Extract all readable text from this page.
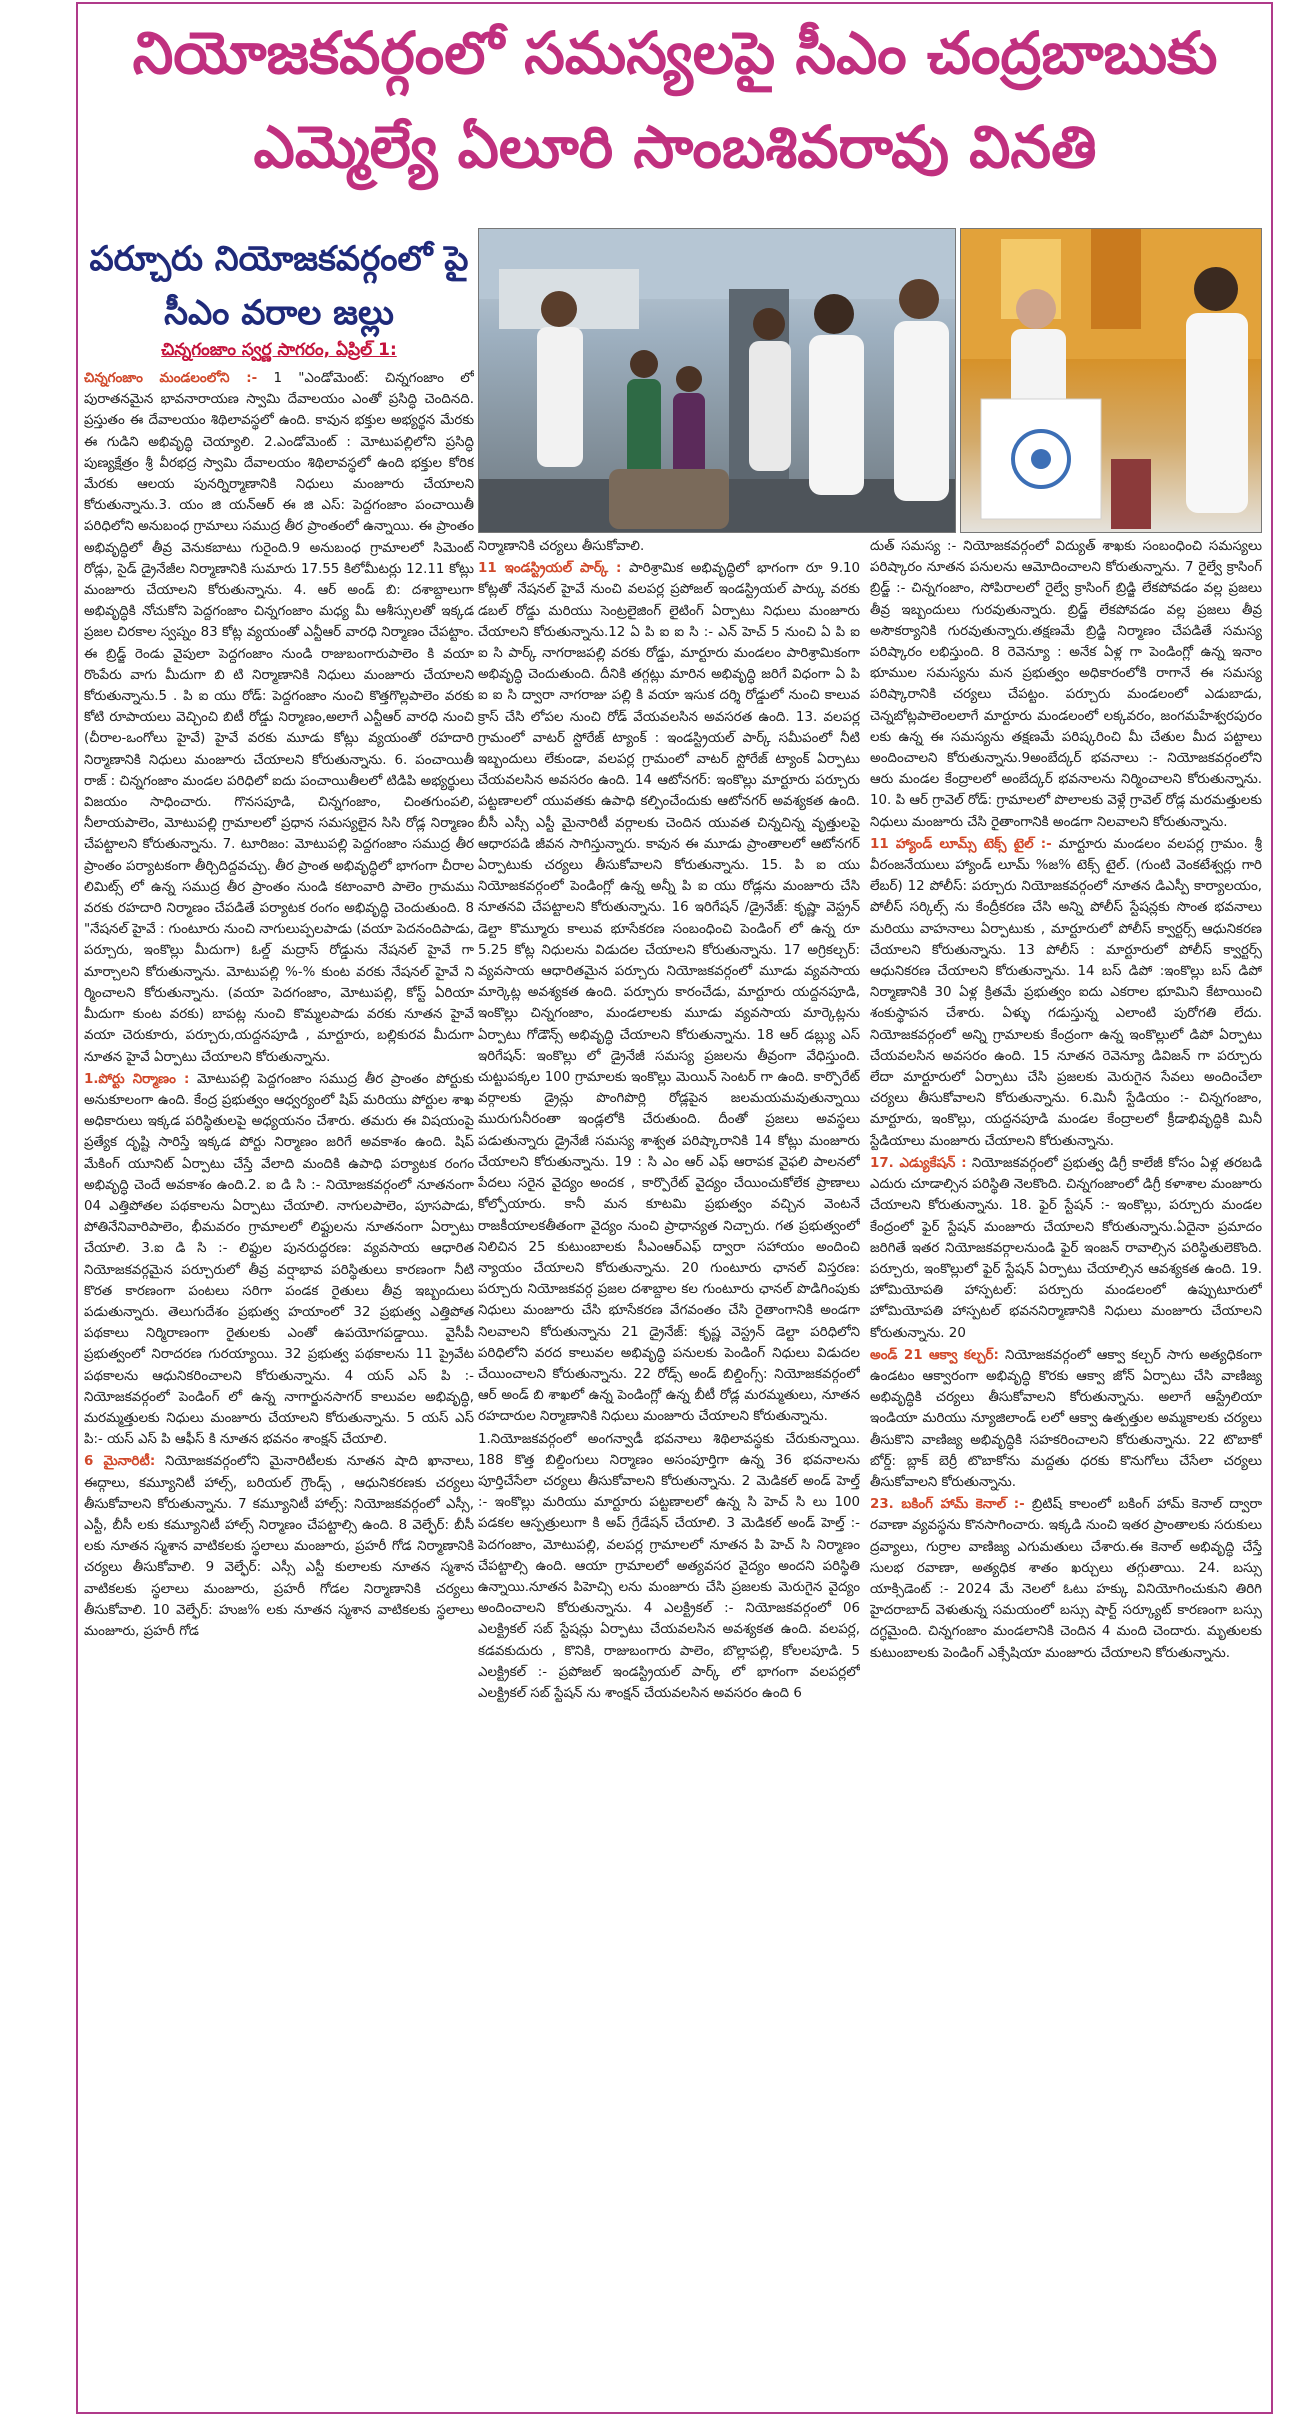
నియోజకవర్గంలో సమస్యలపై సీఎం చంద్రబాబుకు
ఎమ్మెల్యే ఏలూరి సాంబశివరావు వినతి
పర్చూరు నియోజకవర్గంలో పై
సీఎం వరాల జల్లు
చిన్నగంజాం స్వర్ణ సాగరం, ఏప్రిల్ 1:

చిన్నగంజాం మండలంలోని :- 1 "ఎండోమెంట్: చిన్నగంజాం లో పురాతనమైన భావనారాయణ స్వామి దేవాలయం ఎంతో ప్రసిద్ధి చెందినది. ప్రస్తుతం ఈ దేవాలయం శిథిలావస్థలో ఉంది. కావున భక్తుల అభ్యర్థన మేరకు ఈ గుడిని అభివృద్ధి చెయ్యాలి. 2.ఎండోమెంట్ : మోటుపల్లిలోని ప్రసిద్ధి పుణ్యక్షేత్రం శ్రీ వీరభద్ర స్వామి దేవాలయం శిథిలావస్థలో ఉంది భక్తుల కోరిక మేరకు ఆలయ పునర్నిర్మాణానికి నిధులు మంజూరు చేయాలని కోరుతున్నాను.3. యం జి యన్ఆర్ ఈ జి ఎస్: పెద్దగంజాం పంచాయితీ పరిధిలోని అనుబంధ గ్రామాలు సముద్ర తీర ప్రాంతంలో ఉన్నాయి. ఈ ప్రాంతం అభివృద్ధిలో తీవ్ర వెనుకబాటు గురైంది.9 అనుబంధ గ్రామాలలో సిమెంట్ రోడ్లు, సైడ్ డ్రైనేజీల నిర్మాణానికి సుమారు 17.55 కిలోమీటర్లు 12.11 కోట్లు మంజూరు చేయాలని కోరుతున్నాను. 4. ఆర్ అండ్ బి: దశాబ్దాలుగా అభివృద్ధికి నోచుకోని పెద్దగంజాం చిన్నగంజాం మధ్య మీ ఆశీస్సులతో ఇక్కడ ప్రజల చిరకాల స్వప్నం 83 కోట్ల వ్యయంతో ఎన్టీఆర్ వారధి నిర్మాణం చేపట్టాం. ఈ బ్రిడ్జ్ రెండు వైపులా పెద్దగంజాం నుండి రాజుబంగారుపాలెం కి వయా రొంపేరు వాగు మీదుగా బి టి నిర్మాణానికి నిధులు మంజూరు చేయాలని కోరుతున్నాను.5 . పి ఐ యు రోడ్: పెద్దగంజాం నుంచి కొత్తగొల్లపాలెం వరకు కోటి రూపాయలు వెచ్చించి బిటీ రోడ్డు నిర్మాణం,అలాగే ఎన్టీఆర్ వారధి నుంచి (చీరాల-ఒంగోలు హైవే) హైవే వరకు మూడు కోట్లు వ్యయంతో రహదారి నిర్మాణానికి నిధులు మంజూరు చేయాలని కోరుతున్నాను. 6. పంచాయితీ రాజ్ : చిన్నగంజాం మండల పరిధిలో ఐదు పంచాయితీలలో టిడిపి అభ్యర్థులు విజయం సాధించారు. గొనసపూడి, చిన్నగంజాం, చింతగుంపలి, నీలాయపాలెం, మోటుపల్లి గ్రామాలలో ప్రధాన సమస్యలైన సిసి రోడ్ల నిర్మాణం చేపట్టాలని కోరుతున్నాను. 7. టూరిజం: మోటుపల్లి పెద్దగంజాం సముద్ర తీర ప్రాంతం పర్యాటకంగా తీర్చిదిద్దవచ్చు. తీర ప్రాంత అభివృద్ధిలో భాగంగా చీరాల లిమిట్స్ లో ఉన్న సముద్ర తీర ప్రాంతం నుండి కటాంవారి పాలెం గ్రామము వరకు రహదారి నిర్మాణం చేపడితే పర్యాటక రంగం అభివృద్ధి చెందుతుంది. 8 "నేషనల్ హైవే : గుంటూరు నుంచి నాగులుప్పలపాడు (వయా పెదనందిపాడు, పర్చూరు, ఇంకొల్లు మీదుగా) ఓల్డ్ మద్రాస్ రోడ్డును నేషనల్ హైవే గా మార్చాలని కోరుతున్నాను. మోటుపల్లి %-% కుంట వరకు నేషనల్ హైవే ని ర్మించాలని కోరుతున్నాను. (వయా పెదగంజాం, మోటుపల్లి, కోస్ట్ ఏరియా మీదుగా కుంట వరకు) బాపట్ల నుంచి కొమ్మలపాడు వరకు నూతన హైవే వయా చెరుకూరు, పర్చూరు,యద్దనపూడి , మార్టూరు, బల్లికురవ మీదుగా నూతన హైవే ఏర్పాటు చేయాలని కోరుతున్నాను.

1.పోర్టు నిర్మాణం : మోటుపల్లి పెద్దగంజాం సముద్ర తీర ప్రాంతం పోర్టుకు అనుకూలంగా ఉంది. కేంద్ర ప్రభుత్వం ఆధ్వర్యంలో షిప్ మరియు పోర్టుల శాఖ అధికారులు ఇక్కడ పరిస్థితులపై అధ్యయనం చేశారు. తమరు ఈ విషయంపై ప్రత్యేక దృష్టి సారిస్తే ఇక్కడ పోర్టు నిర్మాణం జరిగే అవకాశం ఉంది. షిప్ మేకింగ్ యూనిట్ ఏర్పాటు చేస్తే వేలాది మందికి ఉపాధి పర్యాటక రంగం అభివృద్ధి చెందే అవకాశం ఉంది.2. ఐ డి సి :- నియోజకవర్గంలో నూతనంగా 04 ఎత్తిపోతల పథకాలను ఏర్పాటు చేయాలి. నాగులపాలెం, పూసపాడు, పోతినేనివారిపాలెం, భీమవరం గ్రామాలలో లిఫ్టులను నూతనంగా ఏర్పాటు చేయాలి. 3.ఐ డి సి :- లిఫ్టుల పునరుద్ధరణ: వ్యవసాయ ఆధారిత నియోజకవర్గమైన పర్చూరులో తీవ్ర వర్షాభావ పరిస్థితులు కారణంగా నీటి కొరత కారణంగా పంటలు సరిగా పండక రైతులు తీవ్ర ఇబ్బందులు పడుతున్నారు. తెలుగుదేశం ప్రభుత్వ హయాంలో 32 ప్రభుత్వ ఎత్తిపోత పథకాలు నిర్మిరాణంగా రైతులకు ఎంతో ఉపయోగపడ్డాయి. వైసీపీ ప్రభుత్వంలో నిరాదరణ గురయ్యాయి. 32 ప్రభుత్వ పథకాలను 11 ప్రైవేట పథకాలను ఆధునికరించాలని కోరుతున్నాను. 4 యస్ ఎస్ పి :- నియోజకవర్గంలో పెండింగ్ లో ఉన్న నాగార్జునసాగర్ కాలువల అభివృద్ధి, మరమ్మత్తులకు నిధులు మంజూరు చేయాలని కోరుతున్నాను. 5 యస్ ఎస్ పి:- యస్ ఎస్ పి ఆఫీస్ కి నూతన భవనం శాంక్షన్ చేయాలి.

6 మైనారిటీ: నియోజకవర్గంలోని మైనారిటీలకు నూతన షాది ఖానాలు, ఈద్గాలు, కమ్యూనిటీ హాల్స్, బరియల్ గ్రౌండ్స్ , ఆధునికరణకు చర్యలు తీసుకోవాలని కోరుతున్నాను. 7 కమ్యూనిటీ హాల్స్: నియోజకవర్గంలో ఎస్సీ, ఎస్టీ, బీసీ లకు కమ్యూనిటీ హాల్స్ నిర్మాణం చేపట్టాల్సి ఉంది. 8 వెల్ఫేర్: బీసీ లకు నూతన స్మశాన వాటికలకు స్థలాలు మంజూరు, ప్రహరీ గోడ నిర్మాణానికి చర్యలు తీసుకోవాలి. 9 వెల్ఫేర్: ఎస్సీ ఎస్టీ కులాలకు నూతన స్మశాన వాటికలకు స్థలాలు మంజూరు, ప్రహరీ గోడల నిర్మాణానికి చర్యలు తీసుకోవాలి. 10 వెల్ఫేర్: హుజ% లకు నూతన స్మశాన వాటికలకు స్థలాలు మంజూరు, ప్రహరీ గోడ

నిర్మాణానికి చర్యలు తీసుకోవాలి.

11 ఇండస్ట్రియల్ పార్క్ : పారిశ్రామిక అభివృద్ధిలో భాగంగా రూ 9.10 కోట్లతో నేషనల్ హైవే నుంచి వలపర్ల ప్రపోజల్ ఇండస్ట్రియల్ పార్కు వరకు డబల్ రోడ్డు మరియు సెంట్రలైజింగ్ లైటింగ్ ఏర్పాటు నిధులు మంజూరు చేయాలని కోరుతున్నాను.12 ఏ పి ఐ ఐ సి :- ఎన్ హెచ్ 5 నుంచి ఏ పి ఐ ఐ సి పార్క్ నాగరాజపల్లి వరకు రోడ్డు, మార్టూరు మండలం పారిశ్రామికంగా అభివృద్ధి చెందుతుంది. దీనికి తగ్గట్లు మారిన అభివృద్ధి జరిగే విధంగా ఏ పి ఐ ఐ సి ద్వారా నాగరాజు పల్లి కి వయా ఇసుక దర్శి రోడ్డులో నుంచి కాలువ క్రాస్ చేసి లోపల నుంచి రోడ్ వేయవలసిన అవసరత ఉంది. 13. వలపర్ల గ్రామంలో వాటర్ స్టోరేజ్ ట్యాంక్ : ఇండస్ట్రియల్ పార్క్ సమీపంలో నీటి ఇబ్బందులు లేకుండా, వలపర్ల గ్రామంలో వాటర్ స్టోరేజ్ ట్యాంక్ ఏర్పాటు చేయవలసిన అవసరం ఉంది. 14 ఆటోనగర్: ఇంకొల్లు మార్టూరు పర్చూరు పట్టణాలలో యువతకు ఉపాధి కల్పించేందుకు ఆటోనగర్ అవశ్యకత ఉంది. బీసీ ఎస్సీ ఎస్టీ మైనారిటీ వర్గాలకు చెందిన యువత చిన్నచిన్న వృత్తులపై ఆధారపడి జీవన సాగిస్తున్నారు. కావున ఈ మూడు ప్రాంతాలలో ఆటోనగర్ ఏర్పాటుకు చర్యలు తీసుకోవాలని కోరుతున్నాను. 15. పి ఐ యు నియోజకవర్గంలో పెండింగ్లో ఉన్న అన్నీ పి ఐ యు రోడ్లను మంజూరు చేసి నూతనవి చేపట్టాలని కోరుతున్నాను. 16 ఇరిగేషన్ /డ్రైనేజ్: కృష్ణా వెస్ట్రన్ డెల్టా కొమ్మూరు కాలువ భూసేకరణ సంబంధించి పెండింగ్ లో ఉన్న రూ 5.25 కోట్ల నిధులను విడుదల చేయాలని కోరుతున్నాను. 17 అగ్రికల్చర్: వ్యవసాయ ఆధారితమైన పర్చూరు నియోజకవర్గంలో మూడు వ్యవసాయ మార్కెట్ల అవశ్యకత ఉంది. పర్చూరు కారంచేడు, మార్టూరు యద్దనపూడి, ఇంకొల్లు చిన్నగంజాం, మండలాలకు మూడు వ్యవసాయ మార్కెట్లను ఏర్పాటు గోడౌన్స్ అభివృద్ధి చేయాలని కోరుతున్నాను. 18 ఆర్ డబ్ల్యు ఎస్ ఇరిగేషన్: ఇంకొల్లు లో డ్రైనేజీ సమస్య ప్రజలను తీవ్రంగా వేధిస్తుంది. చుట్టుపక్కల 100 గ్రామాలకు ఇంకొల్లు మెయిన్ సెంటర్ గా ఉంది. కార్పొరేట్ వర్గాలకు డ్రైన్లు పొంగిపొర్లి రోడ్లపైన జలమయమవుతున్నాయి మురుగునీరంతా ఇండ్లలోకి చేరుతుంది. దీంతో ప్రజలు అవస్థలు పడుతున్నారు డ్రైనేజీ సమస్య శాశ్వత పరిష్కారానికి 14 కోట్లు మంజూరు చేయాలని కోరుతున్నాను. 19 : సి ఎం ఆర్ ఎఫ్ ఆరాపక వైఫలి పాలనలో పేదలు సరైన వైద్యం అందక , కార్పొరేట్ వైద్యం చేయించుకోలేక ప్రాణాలు కోల్పోయారు. కానీ మన కూటమి ప్రభుత్వం వచ్చిన వెంటనే రాజకీయాలకతీతంగా వైద్యం నుంచి ప్రాధాన్యత నిచ్చారు. గత ప్రభుత్వంలో నిలిచిన 25 కుటుంబాలకు సీఎంఆర్ఎఫ్ ద్వారా సహాయం అందించి న్యాయం చేయాలని కోరుతున్నాను. 20 గుంటూరు ఛానల్ విస్తరణ: పర్చూరు నియోజకవర్గ ప్రజల దశాబ్దాల కల గుంటూరు ఛానల్ పొడిగింపుకు నిధులు మంజూరు చేసి భూసేకరణ వేగవంతం చేసి రైతాంగానికి అండగా నిలవాలని కోరుతున్నాను 21 డ్రైనేజ్: కృష్ణ వెస్ట్రన్ డెల్టా పరిధిలోని పరిధిలోని వరద కాలువల అభివృద్ధి పనులకు పెండింగ్ నిధులు విడుదల చేయించాలని కోరుతున్నాను. 22 రోడ్స్ అండ్ బిల్డింగ్స్: నియోజకవర్గంలో ఆర్ అండ్ బి శాఖలో ఉన్న పెండింగ్లో ఉన్న బీటీ రోడ్ల మరమ్మతులు, నూతన రహదారుల నిర్మాణానికి నిధులు మంజూరు చేయాలని కోరుతున్నాను.

1.నియోజకవర్గంలో అంగన్వాడీ భవనాలు శిథిలావస్థకు చేరుకున్నాయి. 188 కొత్త బిల్డింగులు నిర్మాణం అసంపూర్తిగా ఉన్న 36 భవనాలను పూర్తిచేసేలా చర్యలు తీసుకోవాలని కోరుతున్నాను. 2 మెడికల్ అండ్ హెల్త్ :- ఇంకొల్లు మరియు మార్టూరు పట్టణాలలో ఉన్న సి హెచ్ సి లు 100 పడకల ఆస్పత్రులుగా కి అప్ గ్రేడేషన్ చేయాలి. 3 మెడికల్ అండ్ హెల్త్ :- పెదగంజాం, మోటుపల్లి, వలపర్ల గ్రామాలలో నూతన పి హెచ్ సి నిర్మాణం చేపట్టాల్సి ఉంది. ఆయా గ్రామాలలో అత్యవసర వైద్యం అందని పరిస్థితి ఉన్నాయి.నూతన పిహెచ్సి లను మంజూరు చేసి ప్రజలకు మెరుగైన వైద్యం అందించాలని కోరుతున్నాను. 4 ఎలక్ట్రికల్ :- నియోజకవర్గంలో 06 ఎలక్ట్రికల్ సబ్ స్టేషన్లు ఏర్పాటు చేయవలసిన అవశ్యకత ఉంది. వలపర్ల, కడవకుదురు , కొనికి, రాజుబంగారు పాలెం, బొల్లాపల్లి, కోలలపూడి. 5 ఎలక్ట్రికల్ :- ప్రపోజల్ ఇండస్ట్రియల్ పార్క్ లో భాగంగా వలపర్లలో ఎలక్ట్రికల్ సబ్ స్టేషన్ ను శాంక్షన్ చేయవలసిన అవసరం ఉంది 6

దుత్ సమస్య :- నియోజకవర్గంలో విద్యుత్ శాఖకు సంబంధించి సమస్యలు పరిష్కారం నూతన పనులను ఆమోదించాలని కోరుతున్నాను. 7 రైల్వే క్రాసింగ్ బ్రిడ్జ్ :- చిన్నగంజాం, సోపిరాలలో రైల్వే క్రాసింగ్ బ్రిడ్జి లేకపోవడం వల్ల ప్రజలు తీవ్ర ఇబ్బందులు గురవుతున్నారు. బ్రిడ్జ్ లేకపోవడం వల్ల ప్రజలు తీవ్ర అసౌకర్యానికి గురవుతున్నారు.తక్షణమే బ్రిడ్జి నిర్మాణం చేపడితే సమస్య పరిష్కారం లభిస్తుంది. 8 రెవెన్యూ : అనేక ఏళ్ల గా పెండింగ్లో ఉన్న ఇనాం భూముల సమస్యను మన ప్రభుత్వం అధికారంలోకి రాగానే ఈ సమస్య పరిష్కారానికి చర్యలు చేపట్టం. పర్చూరు మండలంలో ఎడుబాడు, చెన్నబోట్లపాలెంలలాగే మార్టూరు మండలంలో లక్కవరం, జంగమహేశ్వరపురం లకు ఉన్న ఈ సమస్యను తక్షణమే పరిష్కరించి మీ చేతుల మీద పట్టాలు అందించాలని కోరుతున్నాను.9అంబేద్కర్ భవనాలు :- నియోజకవర్గంలోని ఆరు మండల కేంద్రాలలో అంబేద్కర్ భవనాలను నిర్మించాలని కోరుతున్నాను. 10. పి ఆర్ గ్రావెల్ రోడ్: గ్రామాలలో పొలాలకు వెళ్లే గ్రావెల్ రోడ్ల మరమత్తులకు నిధులు మంజూరు చేసి రైతాంగానికి అండగా నిలవాలని కోరుతున్నాను.

11 హ్యాండ్ లూమ్స్ టెక్స్ టైల్ :- మార్టూరు మండలం వలపర్ల గ్రామం. శ్రీ వీరంజనేయులు హ్యాండ్ లూమ్ %జ% టెక్స్ టైల్. (గుంటి వెంకటేశ్వర్లు గారి లేబర్) 12 పోలీస్: పర్చూరు నియోజకవర్గంలో నూతన డిఎస్పీ కార్యాలయం, పోలీస్ సర్కిల్స్ ను కేంద్రీకరణ చేసి అన్ని పోలీస్ స్టేషన్లకు సొంత భవనాలు మరియు వాహనాలు ఏర్పాటుకు , మార్టూరులో పోలీస్ క్వార్టర్స్ ఆధునికరణ చేయాలని కోరుతున్నాను. 13 పోలీస్ : మార్టూరులో పోలీస్ క్వార్టర్స్ ఆధునికరణ చేయాలని కోరుతున్నాను. 14 బస్ డిపో :ఇంకొల్లు బస్ డిపో నిర్మాణానికి 30 ఏళ్ల క్రితమే ప్రభుత్వం ఐదు ఎకరాల భూమిని కేటాయించి శంకుస్థాపన చేశారు. ఏళ్ళు గడుస్తున్న ఎలాంటి పురోగతి లేదు. నియోజకవర్గంలో అన్ని గ్రామాలకు కేంద్రంగా ఉన్న ఇంకొల్లులో డిపో ఏర్పాటు చేయవలసిన అవసరం ఉంది. 15 నూతన రెవెన్యూ డివిజన్ గా పర్చూరు లేదా మార్టూరులో ఏర్పాటు చేసి ప్రజలకు మెరుగైన సేవలు అందించేలా చర్యలు తీసుకోవాలని కోరుతున్నాను. 6.మినీ స్టేడియం :- చిన్నగంజాం, మార్టూరు, ఇంకొల్లు, యద్దనపూడి మండల కేంద్రాలలో క్రీడాభివృద్ధికి మినీ స్టేడియాలు మంజూరు చేయాలని కోరుతున్నాను.

17. ఎడ్యుకేషన్ : నియోజకవర్గంలో ప్రభుత్వ డిగ్రీ కాలేజీ కోసం ఏళ్ల తరబడి ఎదురు చూడాల్సిన పరిస్థితి నెలకొంది. చిన్నగంజాంలో డిగ్రీ కళాశాల మంజూరు చేయాలని కోరుతున్నాను. 18. ఫైర్ స్టేషన్ :- ఇంకొల్లు, పర్చూరు మండల కేంద్రంలో ఫైర్ స్టేషన్ మంజూరు చేయాలని కోరుతున్నాను.ఏదైనా ప్రమాదం జరిగితే ఇతర నియోజకవర్గాలనుండి ఫైర్ ఇంజన్ రావాల్సిన పరిస్థితులెకొంది. పర్చూరు, ఇంకొల్లులో ఫైర్ స్టేషన్ ఏర్పాటు చేయాల్సిన ఆవశ్యకత ఉంది. 19. హోమియోపతి హాస్పటల్: పర్చూరు మండలంలో ఉప్పుటూరులో హోమియోపతి హాస్పటల్ భవననిర్మాణానికి నిధులు మంజూరు చేయాలని కోరుతున్నాను. 20

అండ్ 21 ఆక్వా కల్చర్: నియోజకవర్గంలో ఆక్వా కల్చర్ సాగు అత్యధికంగా ఉండటం ఆక్వారంగా అభివృద్ధి కొరకు ఆక్వా జోన్ ఏర్పాటు చేసి వాణిజ్య అభివృద్ధికి చర్యలు తీసుకోవాలని కోరుతున్నాను. అలాగే ఆస్ట్రేలియా ఇండియా మరియు న్యూజిలాండ్ లలో ఆక్వా ఉత్పత్తుల అమ్మకాలకు చర్యలు తీసుకొని వాణిజ్య అభివృద్ధికి సహకరించాలని కోరుతున్నాను. 22 టొబాకో బోర్డ్: బ్లాక్ బెర్రీ టొబాకోను మద్దతు ధరకు కొనుగోలు చేసేలా చర్యలు తీసుకోవాలని కోరుతున్నాను.

23. బకింగ్ హామ్ కెనాల్ :- బ్రిటిష్ కాలంలో బకింగ్ హామ్ కెనాల్ ద్వారా రవాణా వ్యవస్థను కొనసాగించారు. ఇక్కడి నుంచి ఇతర ప్రాంతాలకు సరుకులు ద్రవ్యాలు, గుర్రాల వాణిజ్య ఎగుమతులు చేశారు.ఈ కెనాల్ అభివృద్ధి చేస్తే సులభ రవాణా, అత్యధిక శాతం ఖర్చులు తగ్గుతాయి. 24. బస్సు యాక్సిడెంట్ :- 2024 మే నెలలో ఓటు హక్కు వినియోగించుకుని తిరిగి హైదరాబాద్ వెళుతున్న సమయంలో బస్సు షార్ట్ సర్క్యూట్ కారణంగా బస్సు దగ్ధమైంది. చిన్నగంజాం మండలానికి చెందిన 4 మంది చెందారు. మృతులకు కుటుంబాలకు పెండింగ్ ఎక్సేషియా మంజూరు చేయాలని కోరుతున్నాను.
